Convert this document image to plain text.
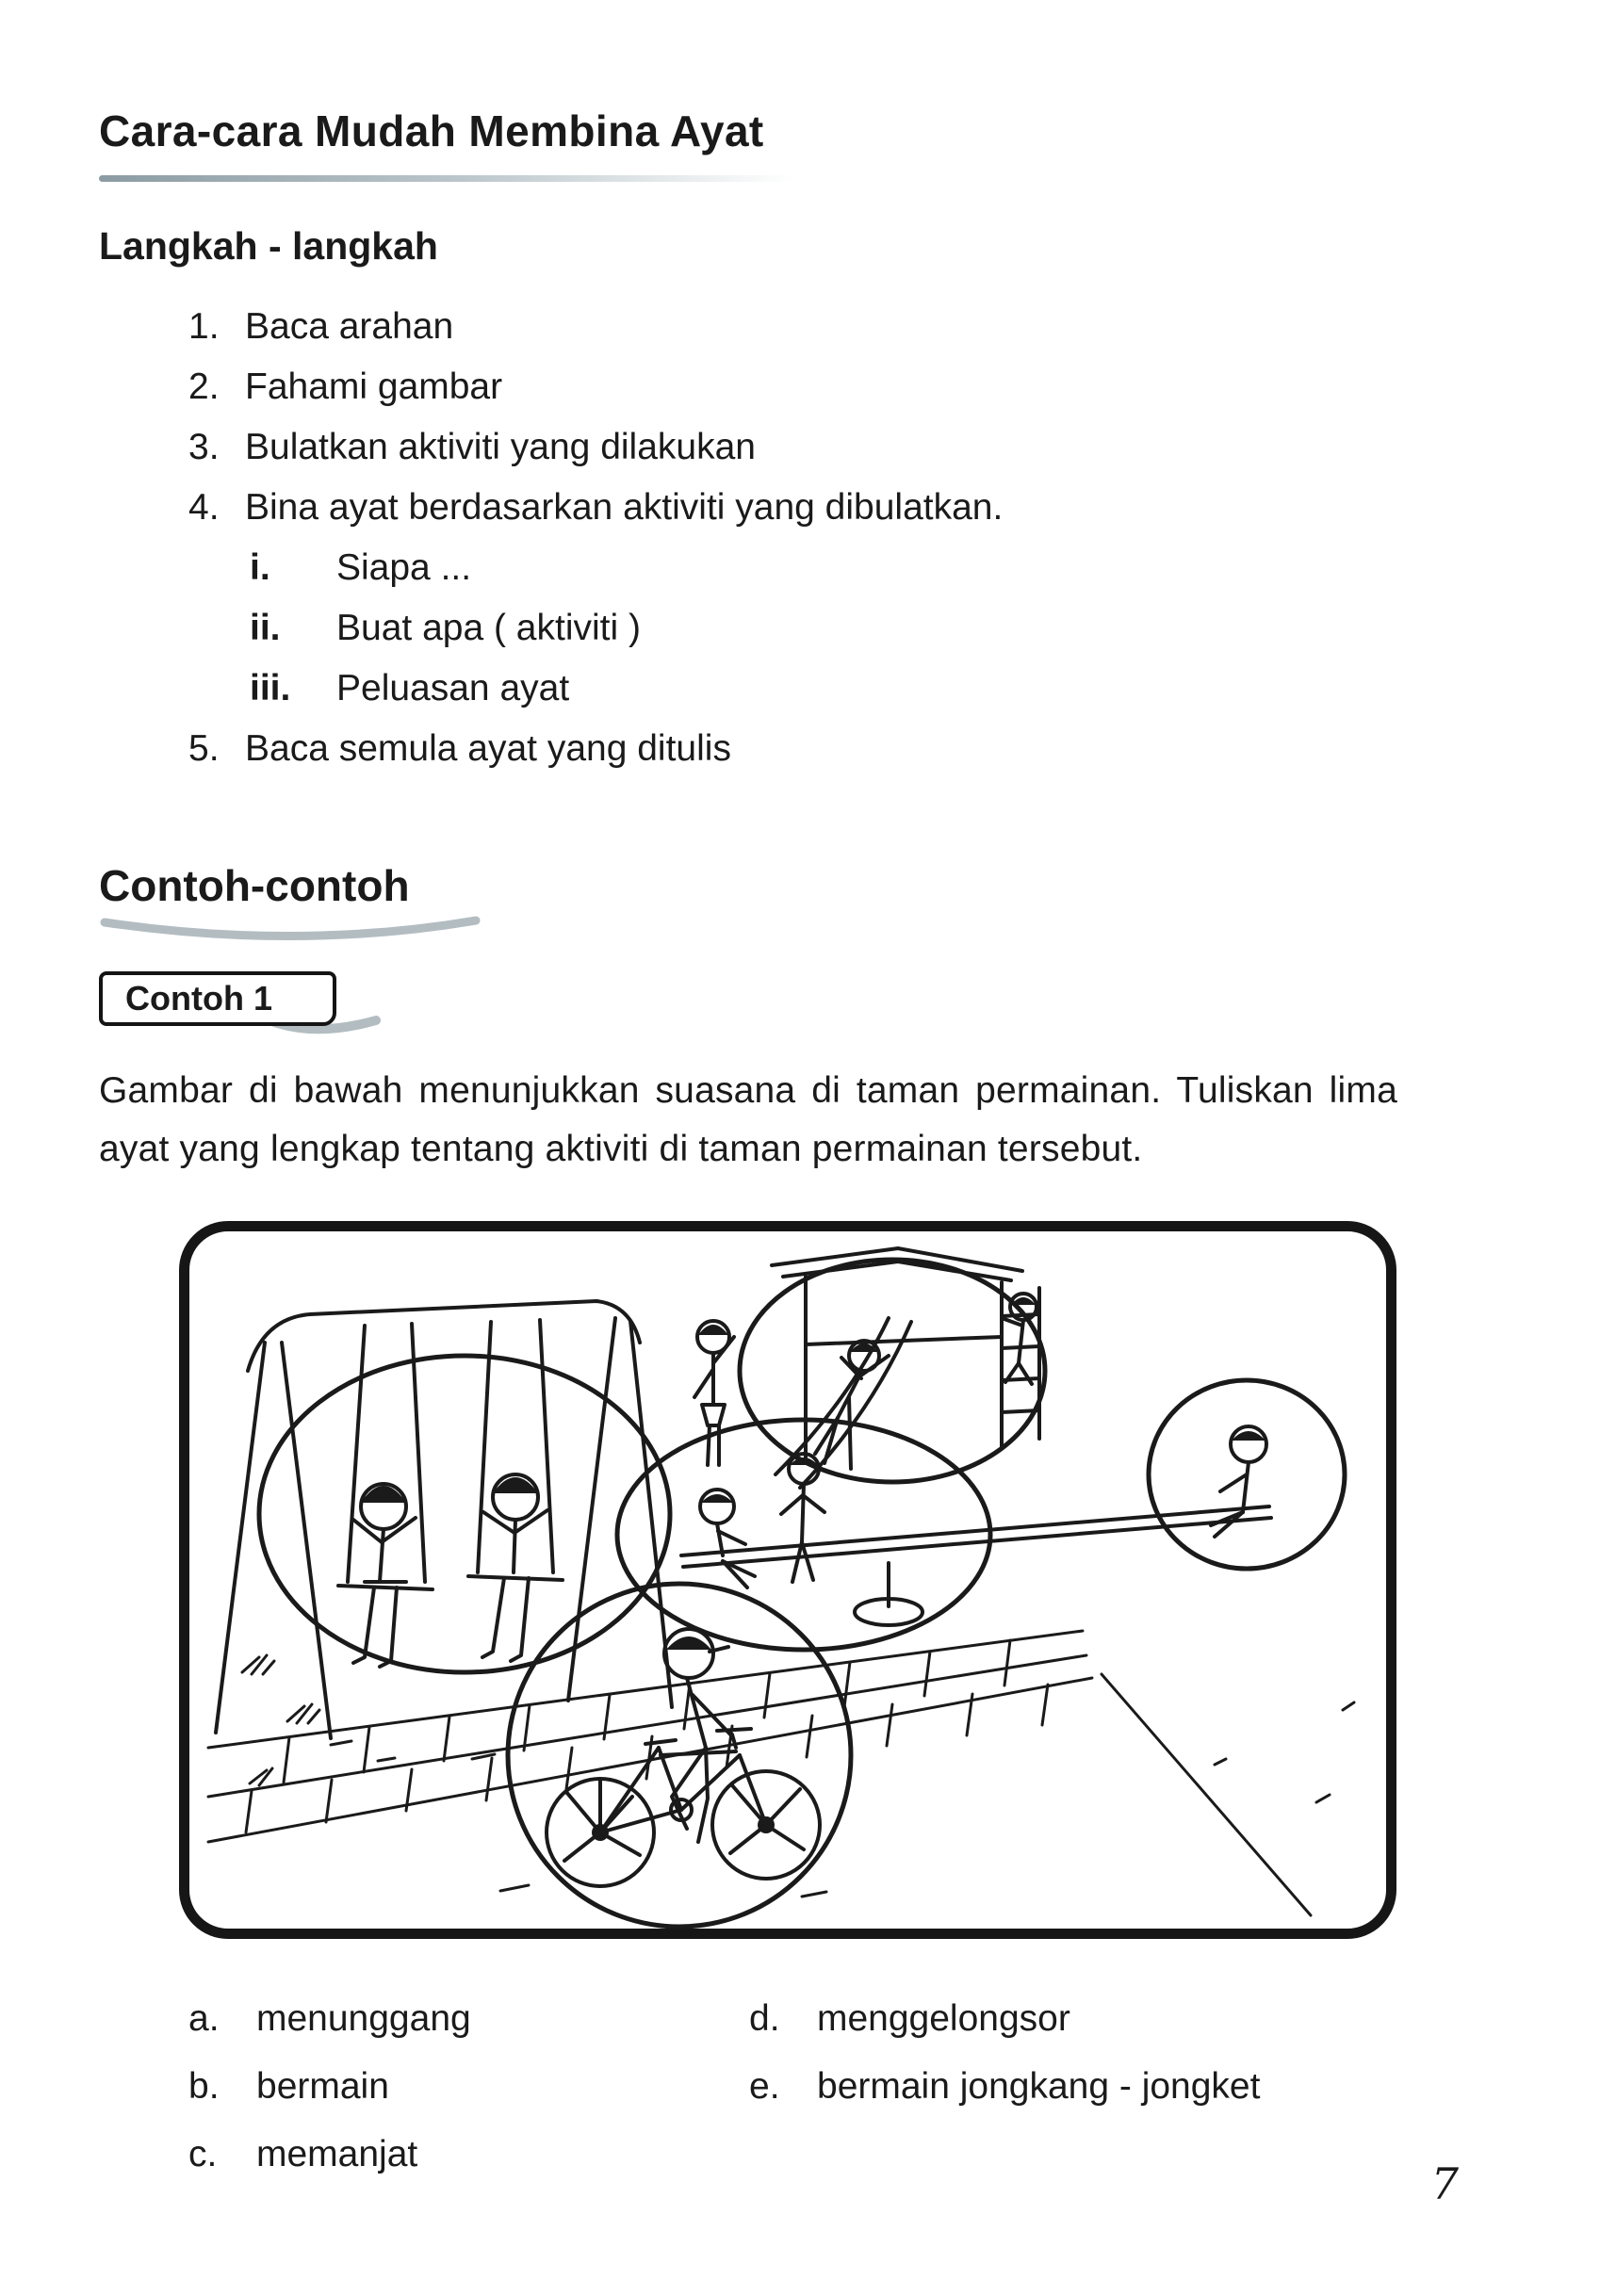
Cara-cara Mudah Membina Ayat
Langkah - langkah
1. Baca arahan
2. Fahami gambar
3. Bulatkan aktiviti yang dilakukan
4. Bina ayat berdasarkan aktiviti yang dibulatkan.
i.	Siapa ...
ii.	Buat apa ( aktiviti )
iii.	Peluasan ayat
5. Baca semula ayat yang ditulis
Contoh-contoh
Contoh 1

Gambar di bawah menunjukkan suasana di taman permainan. Tuliskan lima ayat yang lengkap tentang aktiviti di taman permainan tersebut.

a.	menunggang	d.	menggelongsor
b.	bermain	e.	bermain jongkang - jongket
c.	memanjat
7
